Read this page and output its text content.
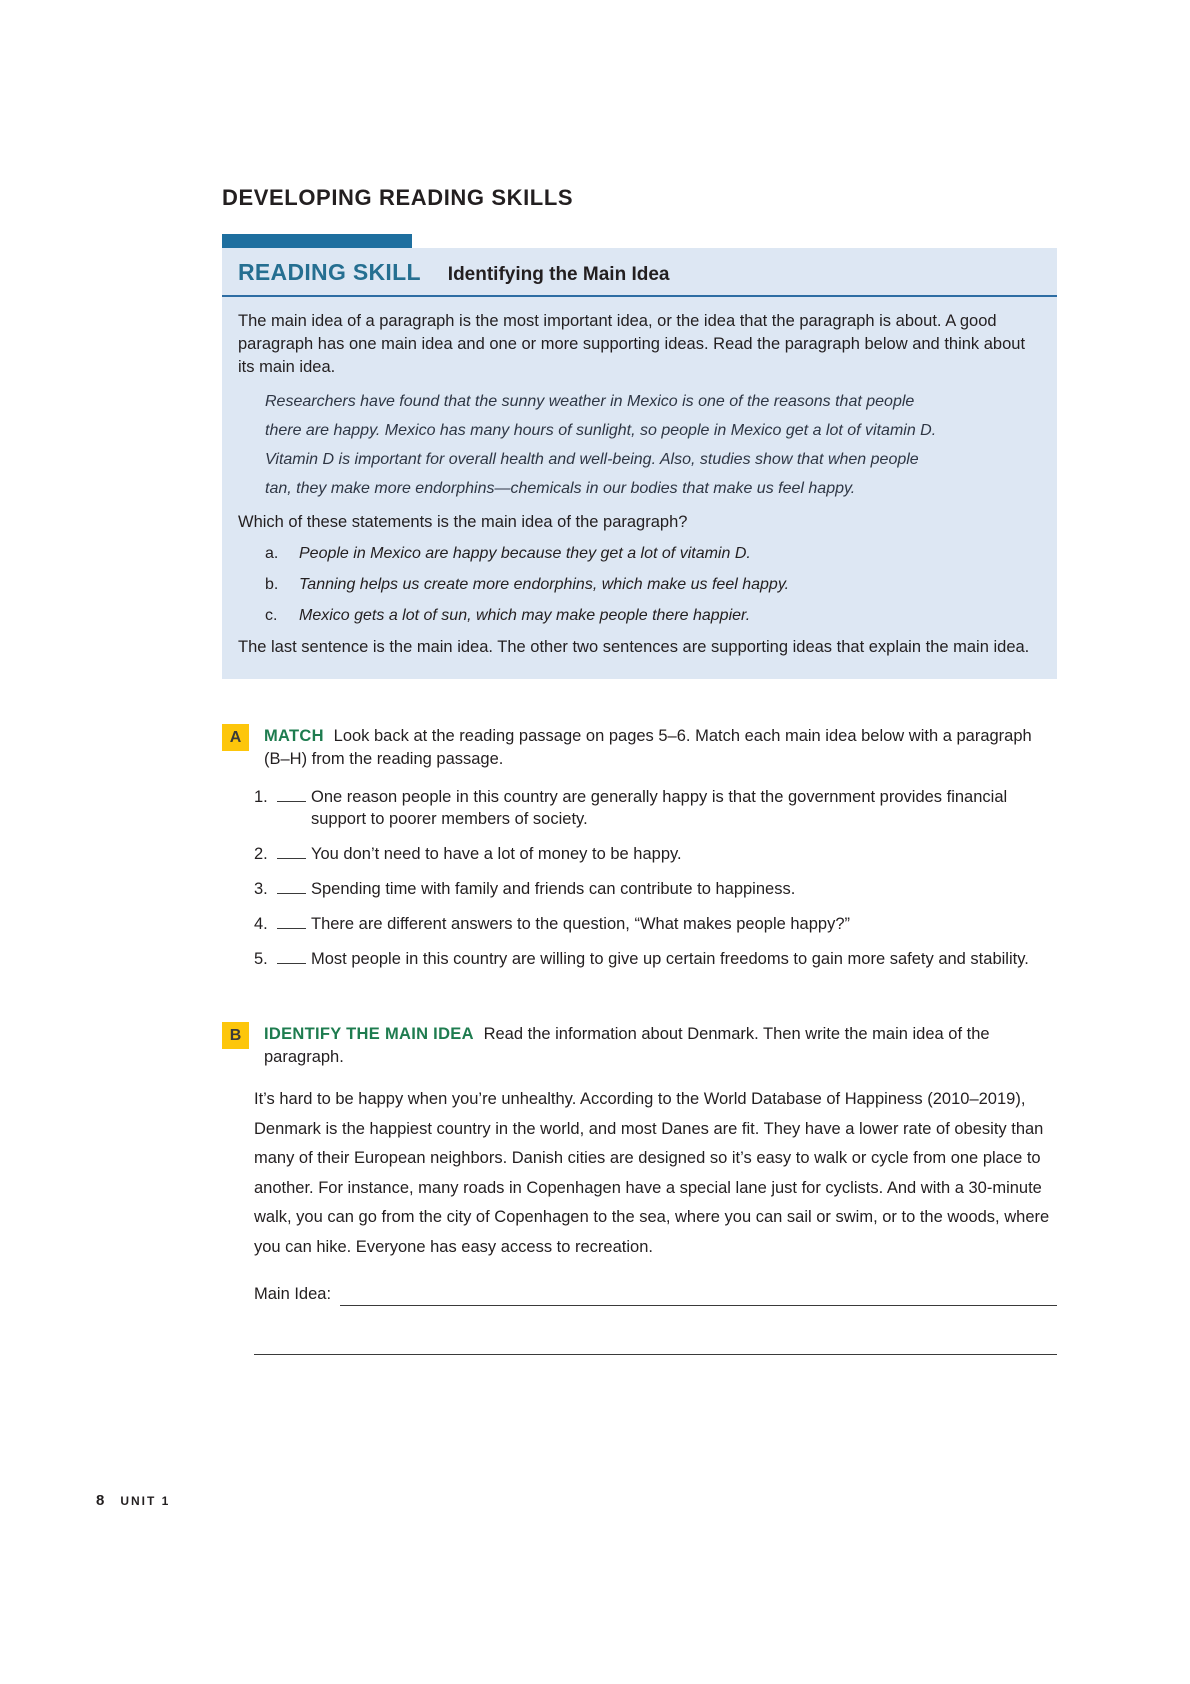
DEVELOPING READING SKILLS
READING SKILL Identifying the Main Idea

The main idea of a paragraph is the most important idea, or the idea that the paragraph is about. A good paragraph has one main idea and one or more supporting ideas. Read the paragraph below and think about its main idea.

Researchers have found that the sunny weather in Mexico is one of the reasons that people there are happy. Mexico has many hours of sunlight, so people in Mexico get a lot of vitamin D. Vitamin D is important for overall health and well-being. Also, studies show that when people tan, they make more endorphins—chemicals in our bodies that make us feel happy.

Which of these statements is the main idea of the paragraph?

a.	People in Mexico are happy because they get a lot of vitamin D.
b.	Tanning helps us create more endorphins, which make us feel happy.
c.	Mexico gets a lot of sun, which may make people there happier.

The last sentence is the main idea. The other two sentences are supporting ideas that explain the main idea.

A	MATCH Look back at the reading passage on pages 5–6. Match each main idea below with a paragraph (B–H) from the reading passage.

1.	One reason people in this country are generally happy is that the government provides financial support to poorer members of society.
2.	You don’t need to have a lot of money to be happy.
3.	Spending time with family and friends can contribute to happiness.
4.	There are different answers to the question, “What makes people happy?”
5.	Most people in this country are willing to give up certain freedoms to gain more safety and stability.
B	IDENTIFY THE MAIN IDEA Read the information about Denmark. Then write the main idea of the paragraph.

It’s hard to be happy when you’re unhealthy. According to the World Database of Happiness (2010–2019), Denmark is the happiest country in the world, and most Danes are fit. They have a lower rate of obesity than many of their European neighbors. Danish cities are designed so it’s easy to walk or cycle from one place to another. For instance, many roads in Copenhagen have a special lane just for cyclists. And with a 30-minute walk, you can go from the city of Copenhagen to the sea, where you can sail or swim, or to the woods, where you can hike. Everyone has easy access to recreation.

Main Idea:
8 UNIT 1
